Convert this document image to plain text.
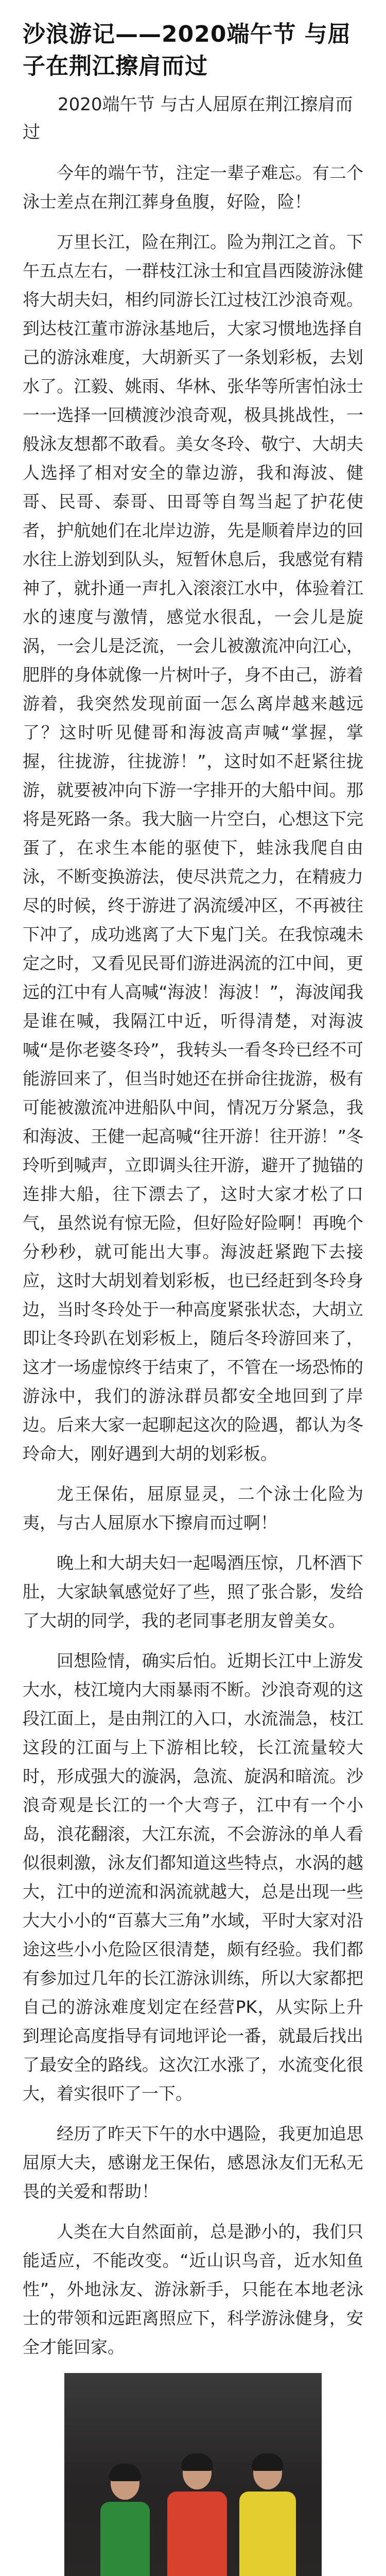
沙浪游记——2020端午节 与屈子在荆江擦肩而过
2020端午节 与古人屈原在荆江擦肩而过

今年的端午节，注定一辈子难忘。有二个泳士差点在荆江葬身鱼腹，好险，险！

万里长江，险在荆江。险为荆江之首。下午五点左右，一群枝江泳士和宜昌西陵游泳健将大胡夫妇，相约同游长江过枝江沙浪奇观。到达枝江董市游泳基地后，大家习惯地选择自己的游泳难度，大胡新买了一条划彩板，去划水了。江毅、姚雨、华林、张华等所害怕泳士一一选择一回横渡沙浪奇观，极具挑战性，一般泳友想都不敢看。美女冬玲、敬宁、大胡夫人选择了相对安全的靠边游，我和海波、健哥、民哥、泰哥、田哥等自驾当起了护花使者，护航她们在北岸边游，先是顺着岸边的回水往上游划到队头，短暂休息后，我感觉有精神了，就扑通一声扎入滚滚江水中，体验着江水的速度与激情，感觉水很乱，一会儿是旋涡，一会儿是泛流，一会儿被激流冲向江心，肥胖的身体就像一片树叶子，身不由己，游着游着，我突然发现前面一怎么离岸越来越远了？这时听见健哥和海波高声喊“掌握，掌握，往拢游，往拢游！”，这时如不赶紧往拢游，就要被冲向下游一字排开的大船中间。那将是死路一条。我大脑一片空白，心想这下完蛋了，在求生本能的驱使下，蛙泳我爬自由泳，不断变换游法，使尽洪荒之力，在精疲力尽的时候，终于游进了涡流缓冲区，不再被往下冲了，成功逃离了大下鬼门关。在我惊魂未定之时，又看见民哥们游进涡流的江中间，更远的江中有人高喊“海波！海波！”，海波闻我是谁在喊，我隔江中近，听得清楚，对海波喊“是你老婆冬玲”，我转头一看冬玲已经不可能游回来了，但当时她还在拼命往拢游，极有可能被激流冲进船队中间，情况万分紧急，我和海波、王健一起高喊“往开游！往开游！”冬玲听到喊声，立即调头往开游，避开了抛锚的连排大船，往下漂去了，这时大家才松了口气，虽然说有惊无险，但好险好险啊！再晚个分秒秒，就可能出大事。海波赶紧跑下去接应，这时大胡划着划彩板，也已经赶到冬玲身边，当时冬玲处于一种高度紧张状态，大胡立即让冬玲趴在划彩板上，随后冬玲游回来了，这才一场虚惊终于结束了，不管在一场恐怖的游泳中，我们的游泳群员都安全地回到了岸边。后来大家一起聊起这次的险遇，都认为冬玲命大，刚好遇到大胡的划彩板。

龙王保佑，屈原显灵，二个泳士化险为夷，与古人屈原水下擦肩而过啊！

晚上和大胡夫妇一起喝酒压惊，几杯酒下肚，大家缺氧感觉好了些，照了张合影，发给了大胡的同学，我的老同事老朋友曾美女。

回想险情，确实后怕。近期长江中上游发大水，枝江境内大雨暴雨不断。沙浪奇观的这段江面上，是由荆江的入口，水流湍急，枝江这段的江面与上下游相比较，长江流量较大时，形成强大的漩涡，急流、旋涡和暗流。沙浪奇观是长江的一个大弯子，江中有一个小岛，浪花翻滚，大江东流，不会游泳的单人看似很刺激，泳友们都知道这些特点，水涡的越大，江中的逆流和涡流就越大，总是出现一些大大小小的“百慕大三角”水域，平时大家对沿途这些小小危险区很清楚，颇有经验。我们都有参加过几年的长江游泳训练，所以大家都把自己的游泳难度划定在经营PK，从实际上升到理论高度指导有词地评论一番，就最后找出了最安全的路线。这次江水涨了，水流变化很大，着实很吓了一下。

经历了昨天下午的水中遇险，我更加追思屈原大夫，感谢龙王保佑，感恩泳友们无私无畏的关爱和帮助！

人类在大自然面前，总是渺小的，我们只能适应，不能改变。“近山识鸟音，近水知鱼性”，外地泳友、游泳新手，只能在本地老泳士的带领和远距离照应下，科学游泳健身，安全才能回家。
